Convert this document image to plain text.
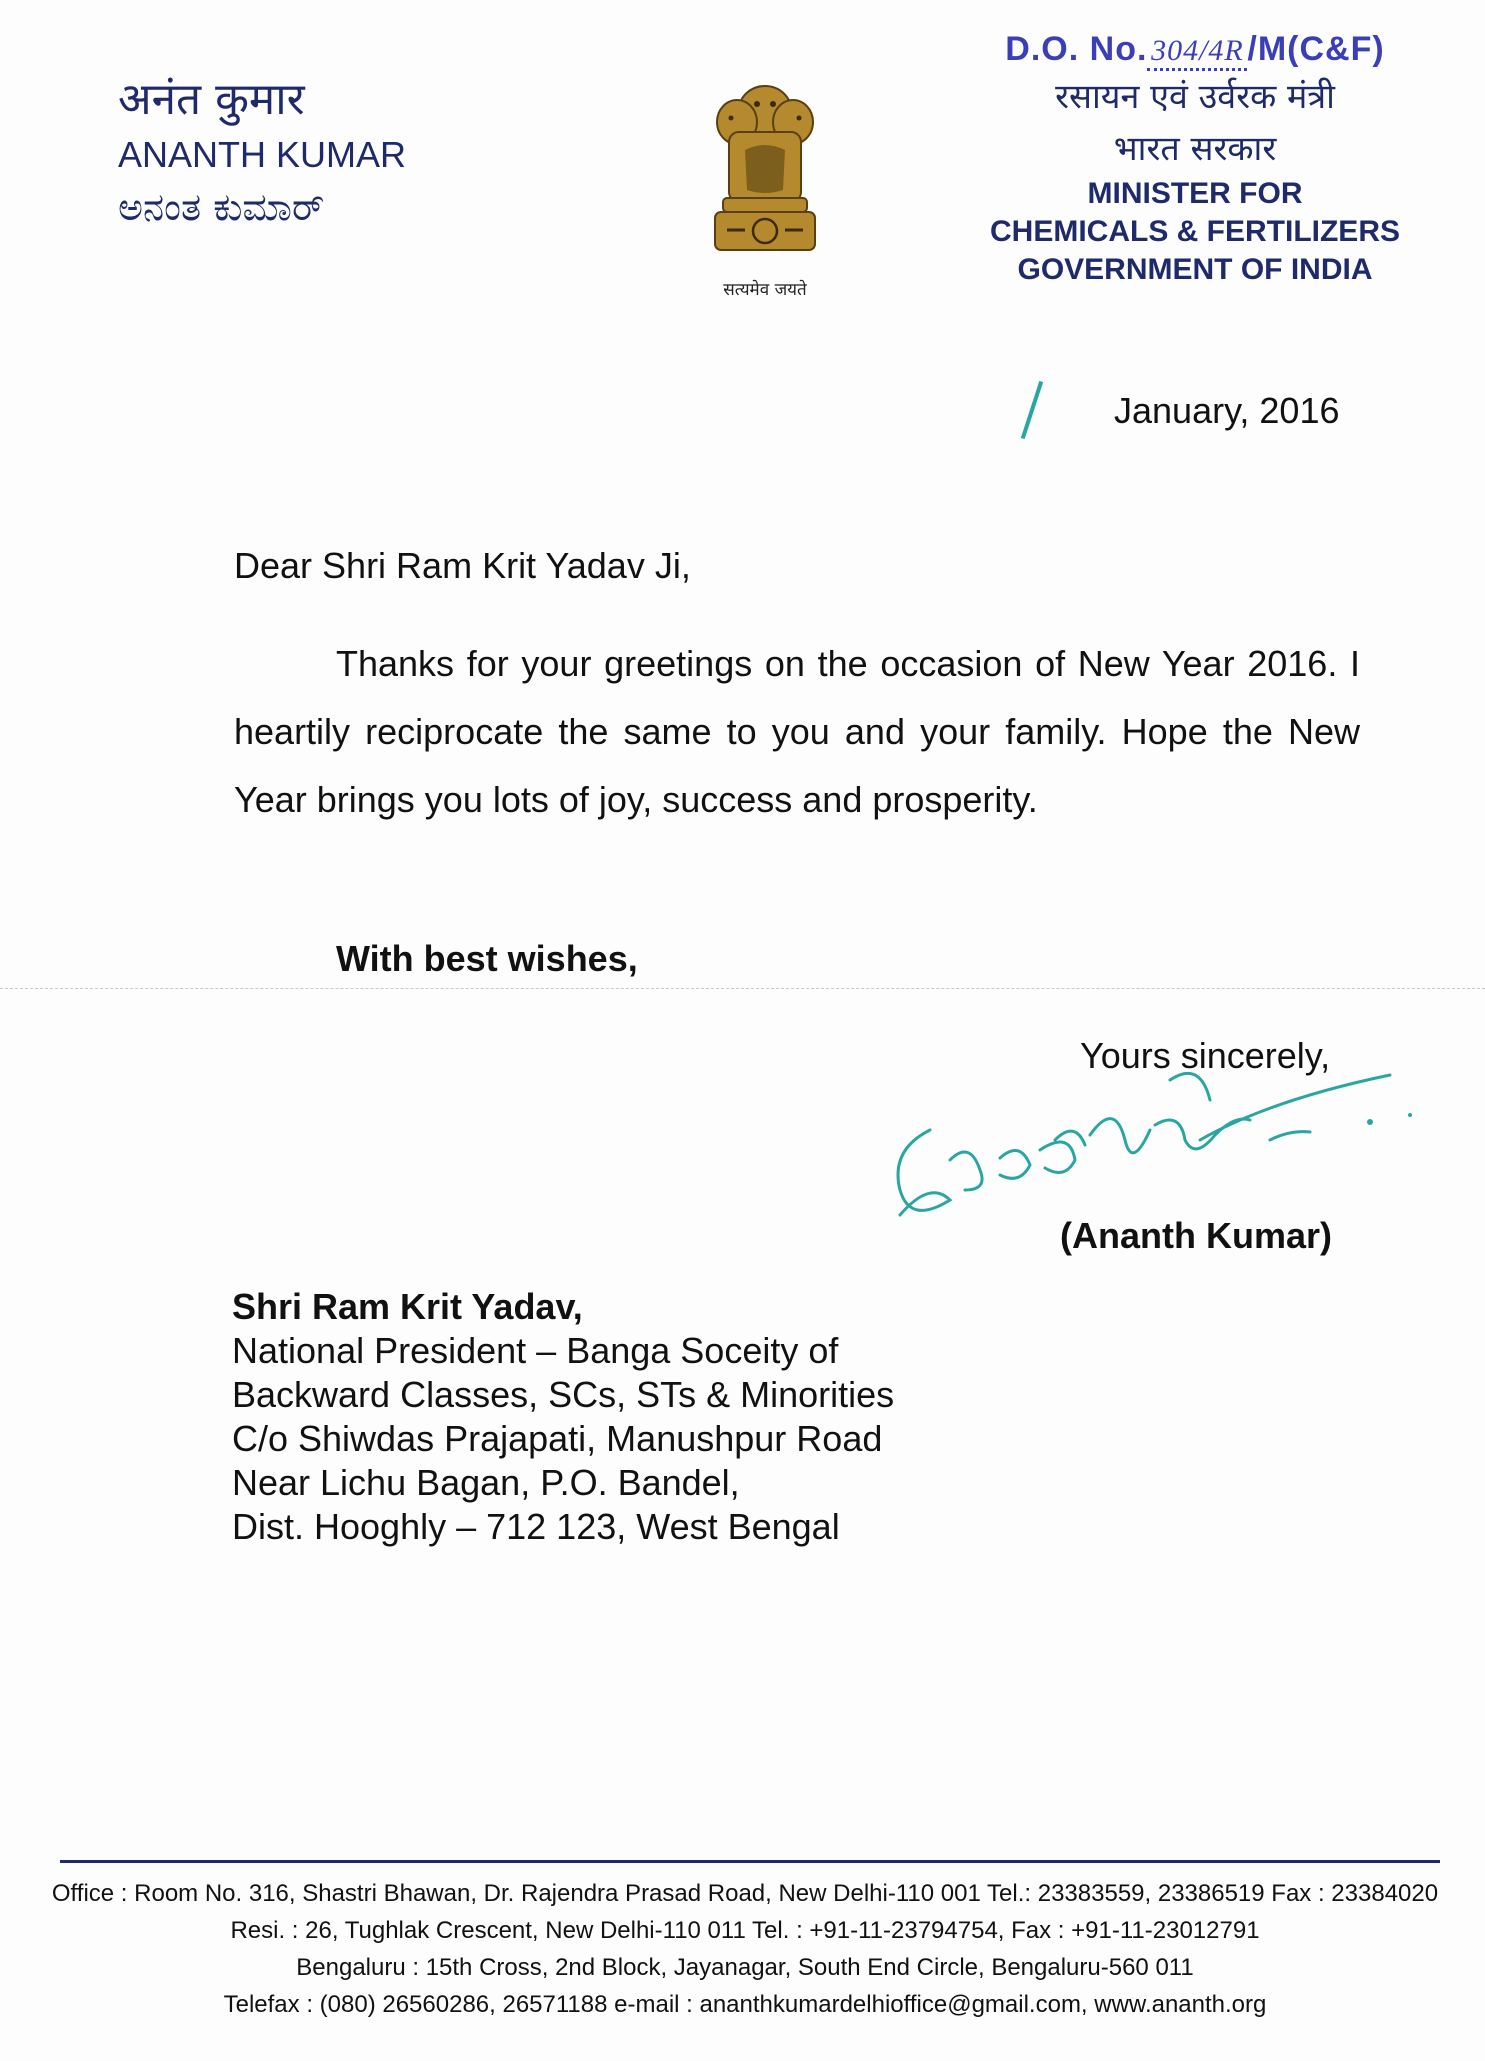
अनंत कुमार
ANANTH KUMAR
ಅನಂತ ಕುಮಾರ್
सत्यमेव जयते
D.O. No. 304/4R /M(C&F)
रसायन एवं उर्वरक मंत्री
भारत सरकार
MINISTER FOR
CHEMICALS & FERTILIZERS
GOVERNMENT OF INDIA
January, 2016
Dear Shri Ram Krit Yadav Ji,
Thanks for your greetings on the occasion of New Year 2016. I heartily reciprocate the same to you and your family. Hope the New Year brings you lots of joy, success and prosperity.
With best wishes,
Yours sincerely,
(Ananth Kumar)
Shri Ram Krit Yadav,
National President – Banga Soceity of
Backward Classes, SCs, STs & Minorities
C/o Shiwdas Prajapati, Manushpur Road
Near Lichu Bagan, P.O. Bandel,
Dist. Hooghly – 712 123, West Bengal
Office : Room No. 316, Shastri Bhawan, Dr. Rajendra Prasad Road, New Delhi-110 001 Tel.: 23383559, 23386519 Fax : 23384020
Resi. : 26, Tughlak Crescent, New Delhi-110 011 Tel. : +91-11-23794754, Fax : +91-11-23012791
Bengaluru : 15th Cross, 2nd Block, Jayanagar, South End Circle, Bengaluru-560 011
Telefax : (080) 26560286, 26571188 e-mail : ananthkumardelhioffice@gmail.com, www.ananth.org
